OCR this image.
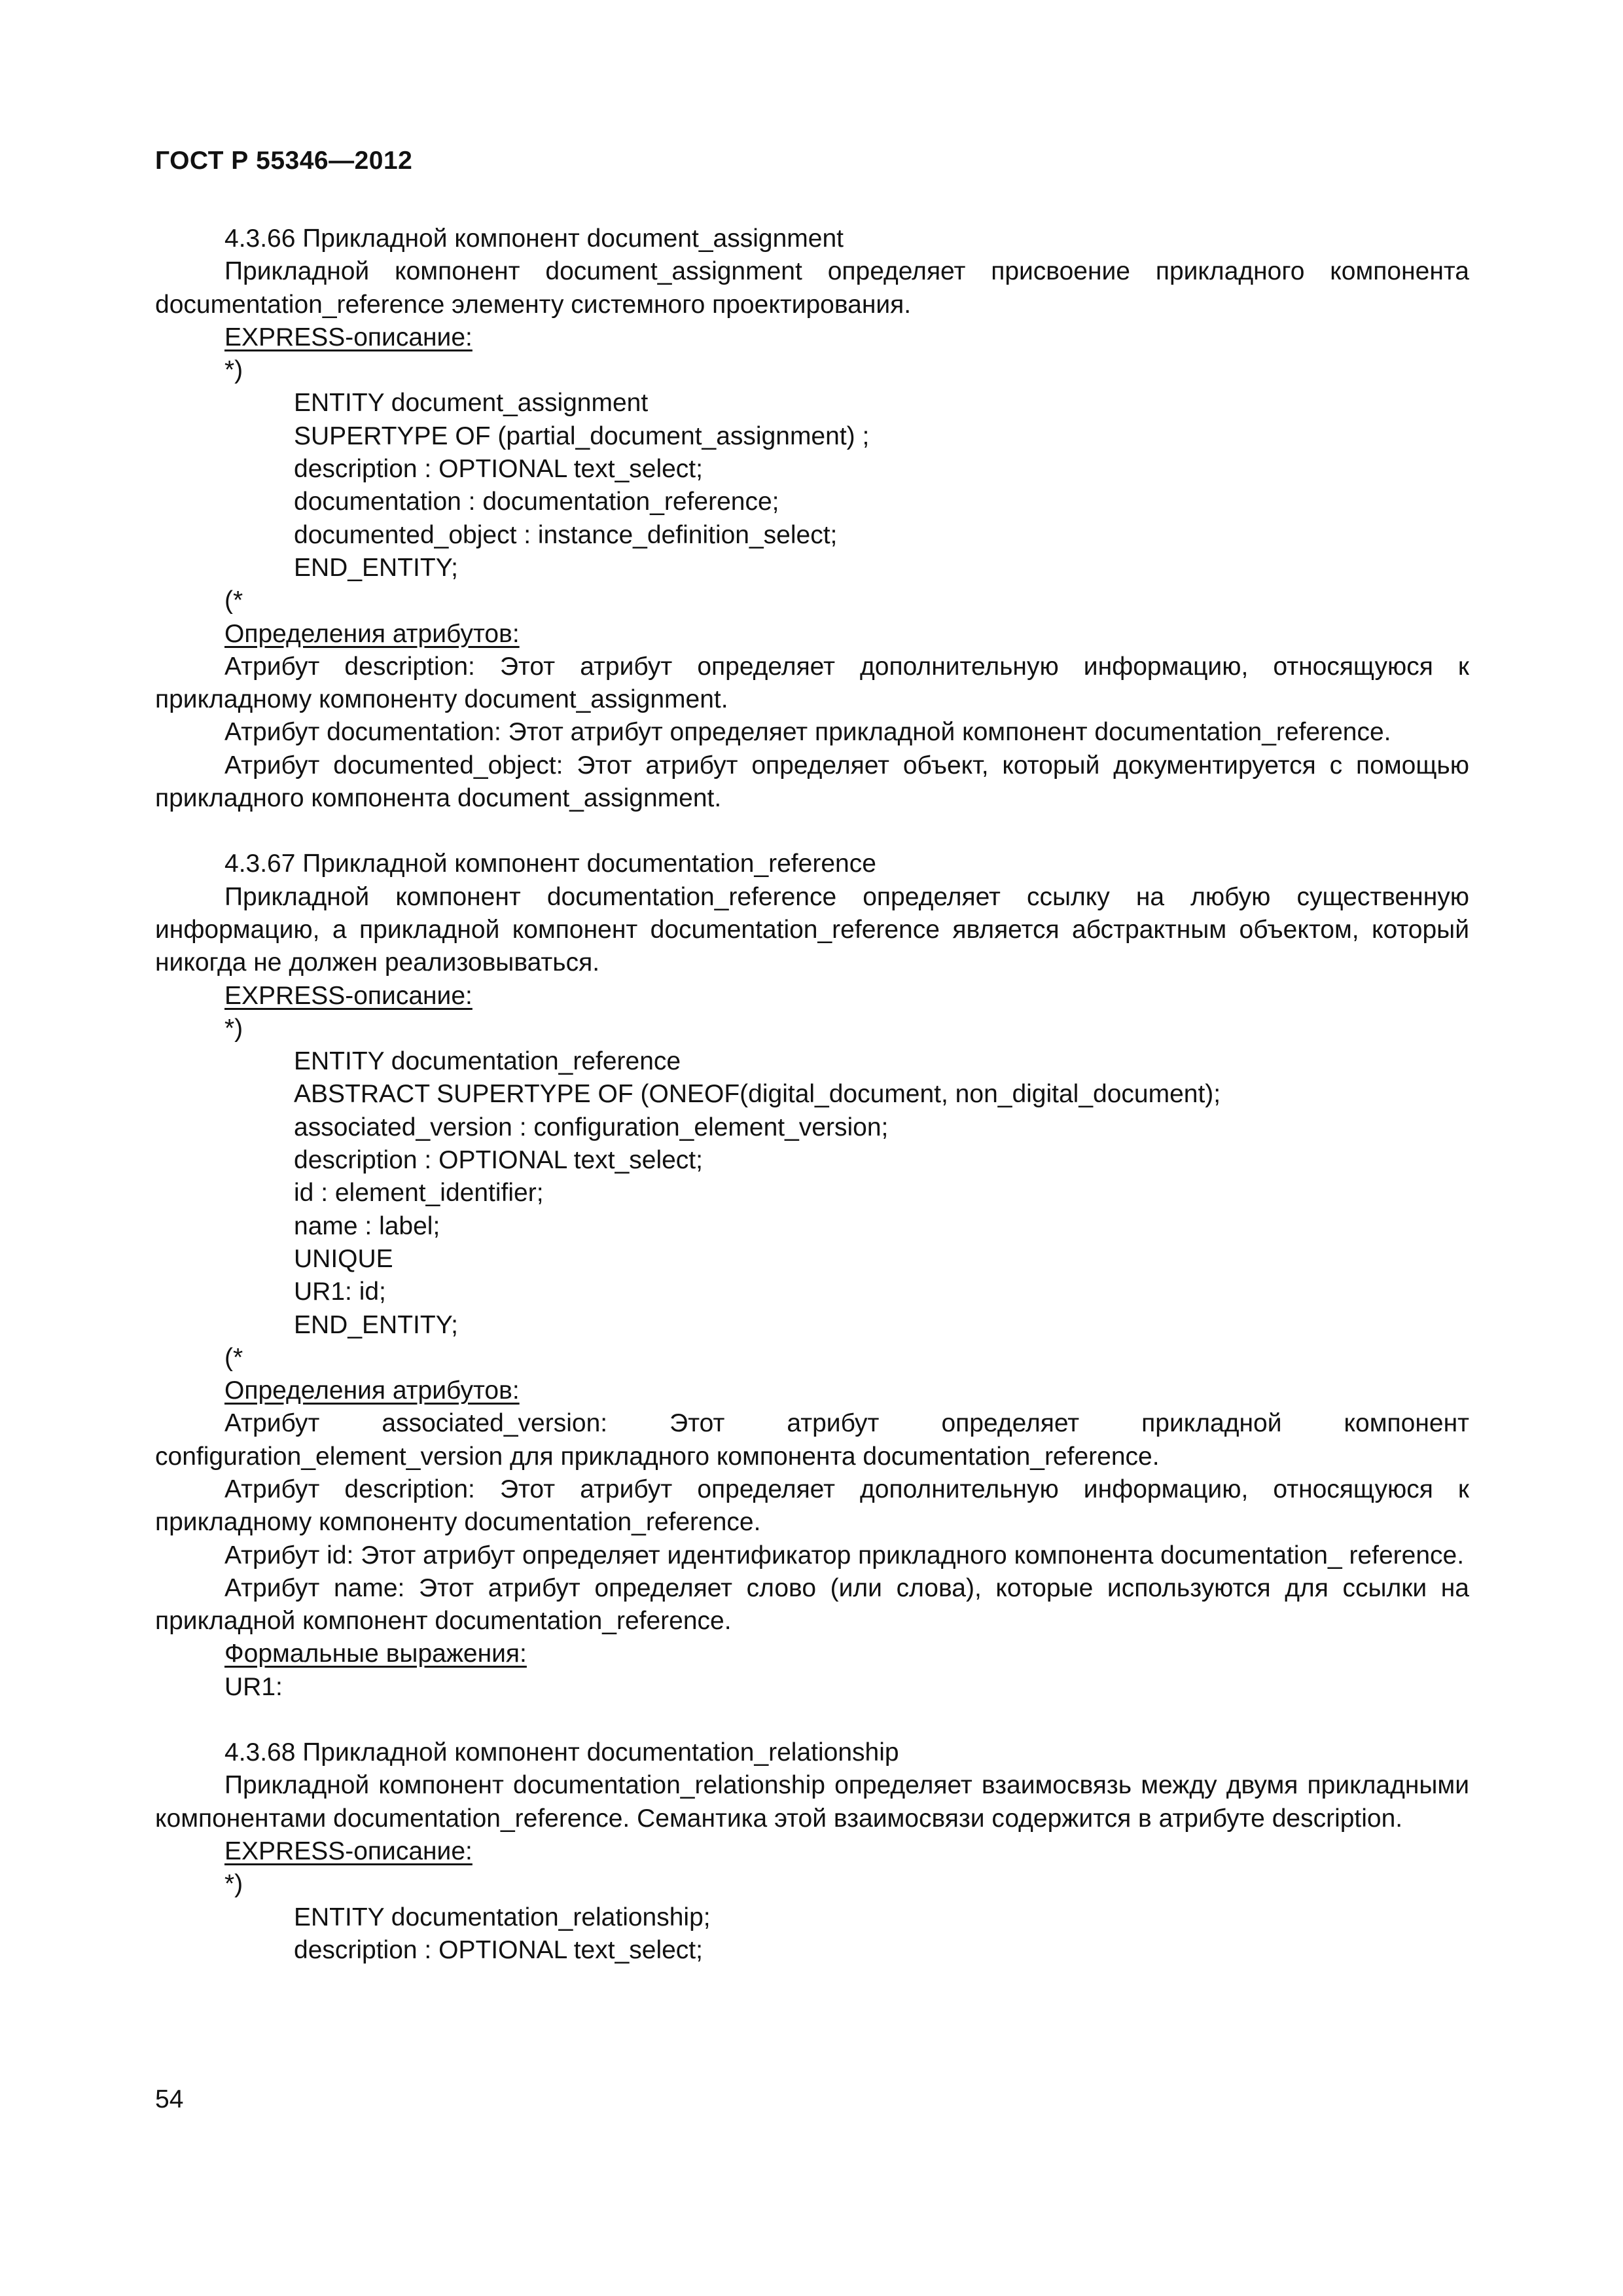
ГОСТ Р 55346—2012

4.3.66 Прикладной компонент document_assignment

Прикладной компонент document_assignment определяет присвоение прикладного компонента documentation_reference элементу системного проектирования.

EXPRESS-описание:

*)

ENTITY document_assignment

SUPERTYPE OF (partial_document_assignment) ;

description : OPTIONAL text_select;

documentation : documentation_reference;

documented_object : instance_definition_select;

END_ENTITY;

(*

Определения атрибутов:

Атрибут description: Этот атрибут определяет дополнительную информацию, относящуюся к прикладному компоненту document_assignment.

Атрибут documentation: Этот атрибут определяет прикладной компонент documentation_reference.

Атрибут documented_object: Этот атрибут определяет объект, который документируется с помощью прикладного компонента document_assignment.

4.3.67 Прикладной компонент documentation_reference

Прикладной компонент documentation_reference определяет ссылку на любую существенную информацию, а прикладной компонент documentation_reference является абстрактным объектом, который никогда не должен реализовываться.

EXPRESS-описание:

*)

ENTITY documentation_reference

ABSTRACT SUPERTYPE OF (ONEOF(digital_document, non_digital_document);

associated_version : configuration_element_version;

description : OPTIONAL text_select;

id : element_identifier;

name : label;

UNIQUE

UR1: id;

END_ENTITY;

(*

Определения атрибутов:

Атрибут associated_version: Этот атрибут определяет прикладной компонент configuration_element_version для прикладного компонента documentation_reference.

Атрибут description: Этот атрибут определяет дополнительную информацию, относящуюся к прикладному компоненту documentation_reference.

Атрибут id: Этот атрибут определяет идентификатор прикладного компонента documentation_ reference.

Атрибут name: Этот атрибут определяет слово (или слова), которые используются для ссылки на прикладной компонент documentation_reference.

Формальные выражения:

UR1:

4.3.68 Прикладной компонент documentation_relationship

Прикладной компонент documentation_relationship определяет взаимосвязь между двумя прикладными компонентами documentation_reference. Семантика этой взаимосвязи содержится в атрибуте description.

EXPRESS-описание:

*)

ENTITY documentation_relationship;

description : OPTIONAL text_select;

54
